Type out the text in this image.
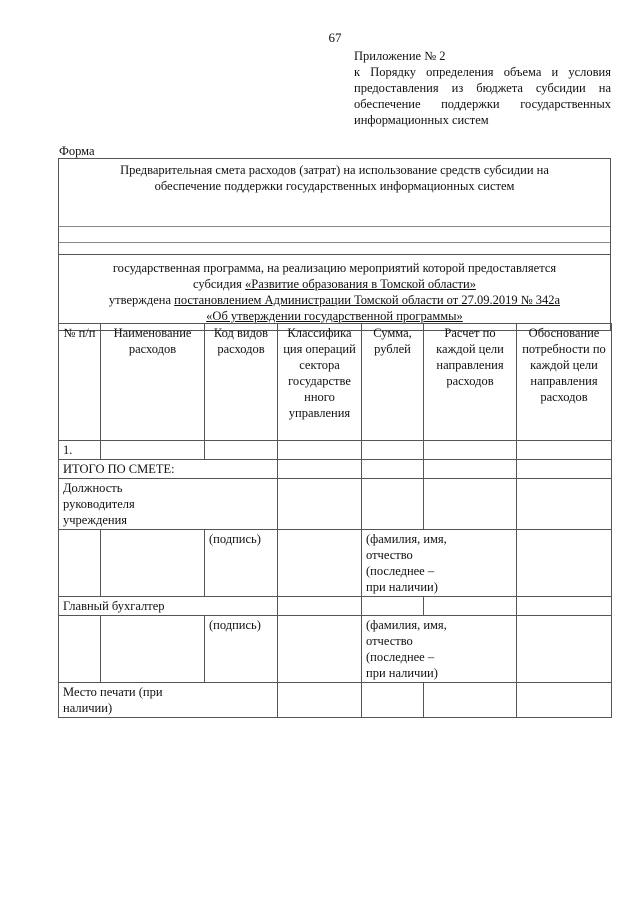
67
Приложение № 2
к Порядку определения объема и условия
предоставления из бюджета субсидии на
обеспечение поддержки государственных
информационных систем
Форма
Предварительная смета расходов (затрат) на использование средств субсидии на
обеспечение поддержки государственных информационных систем
государственная программа, на реализацию мероприятий которой предоставляется
субсидия «Развитие образования в Томской области»
утверждена постановлением Администрации Томской области от 27.09.2019 № 342а
«Об утверждении государственной программы»
№ п/п	Наименование расходов	Код видов расходов	Классифика ция операций сектора государстве нного управления	Сумма, рублей	Расчет по каждой цели направления расходов	Обоснование потребности по каждой цели направления расходов
1.						
ИТОГО ПО СМЕТЕ:						
Должность руководителя учреждения						
		(подпись)		(фамилия, имя, отчество (последнее – при наличии)		
Главный бухгалтер						
		(подпись)		(фамилия, имя, отчество (последнее – при наличии)		
Место печати (при наличии)						
